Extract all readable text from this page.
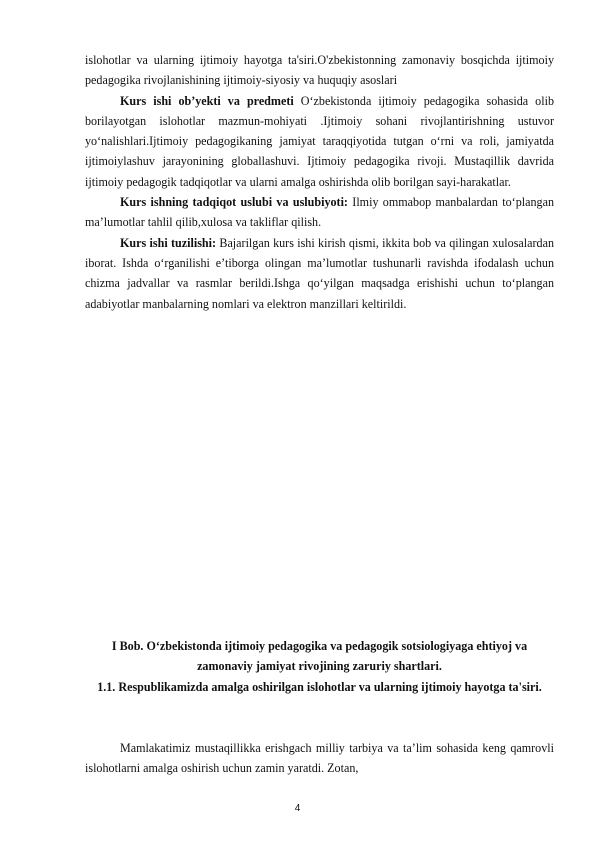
islohotlar va ularning ijtimoiy hayotga ta'siri.O'zbekistonning zamonaviy bosqichda ijtimoiy pedagogika rivojlanishining ijtimoiy-siyosiy va huquqiy asoslari

Kurs ishi ob’yekti va predmeti O‘zbekistonda ijtimoiy pedagogika sohasida olib borilayotgan islohotlar mazmun-mohiyati .Ijtimoiy sohani rivojlantirishning ustuvor yo‘nalishlari.Ijtimoiy pedagogikaning jamiyat taraqqiyotida tutgan o‘rni va roli, jamiyatda ijtimoiylashuv jarayonining globallashuvi. Ijtimoiy pedagogika rivoji. Mustaqillik davrida ijtimoiy pedagogik tadqiqotlar va ularni amalga oshirishda olib borilgan sayi-harakatlar.

Kurs ishning tadqiqot uslubi va uslubiyoti: Ilmiy ommabop manbalardan to‘plangan ma’lumotlar tahlil qilib,xulosa va takliflar qilish.

Kurs ishi tuzilishi: Bajarilgan kurs ishi kirish qismi, ikkita bob va qilingan xulosalardan iborat. Ishda o‘rganilishi e’tiborga olingan ma’lumotlar tushunarli ravishda ifodalash uchun chizma jadvallar va rasmlar berildi.Ishga qo‘yilgan maqsadga erishishi uchun to‘plangan adabiyotlar manbalarning nomlari va elektron manzillari keltirildi.

I Bob. O‘zbekistonda ijtimoiy pedagogika va pedagogik sotsiologiyaga ehtiyoj va zamonaviy jamiyat rivojining zaruriy shartlari.

1.1. Respublikamizda amalga oshirilgan islohotlar va ularning ijtimoiy hayotga ta'siri.

Mamlakatimiz mustaqillikka erishgach milliy tarbiya va ta’lim sohasida keng qamrovli islohotlarni amalga oshirish uchun zamin yaratdi. Zotan,

4
